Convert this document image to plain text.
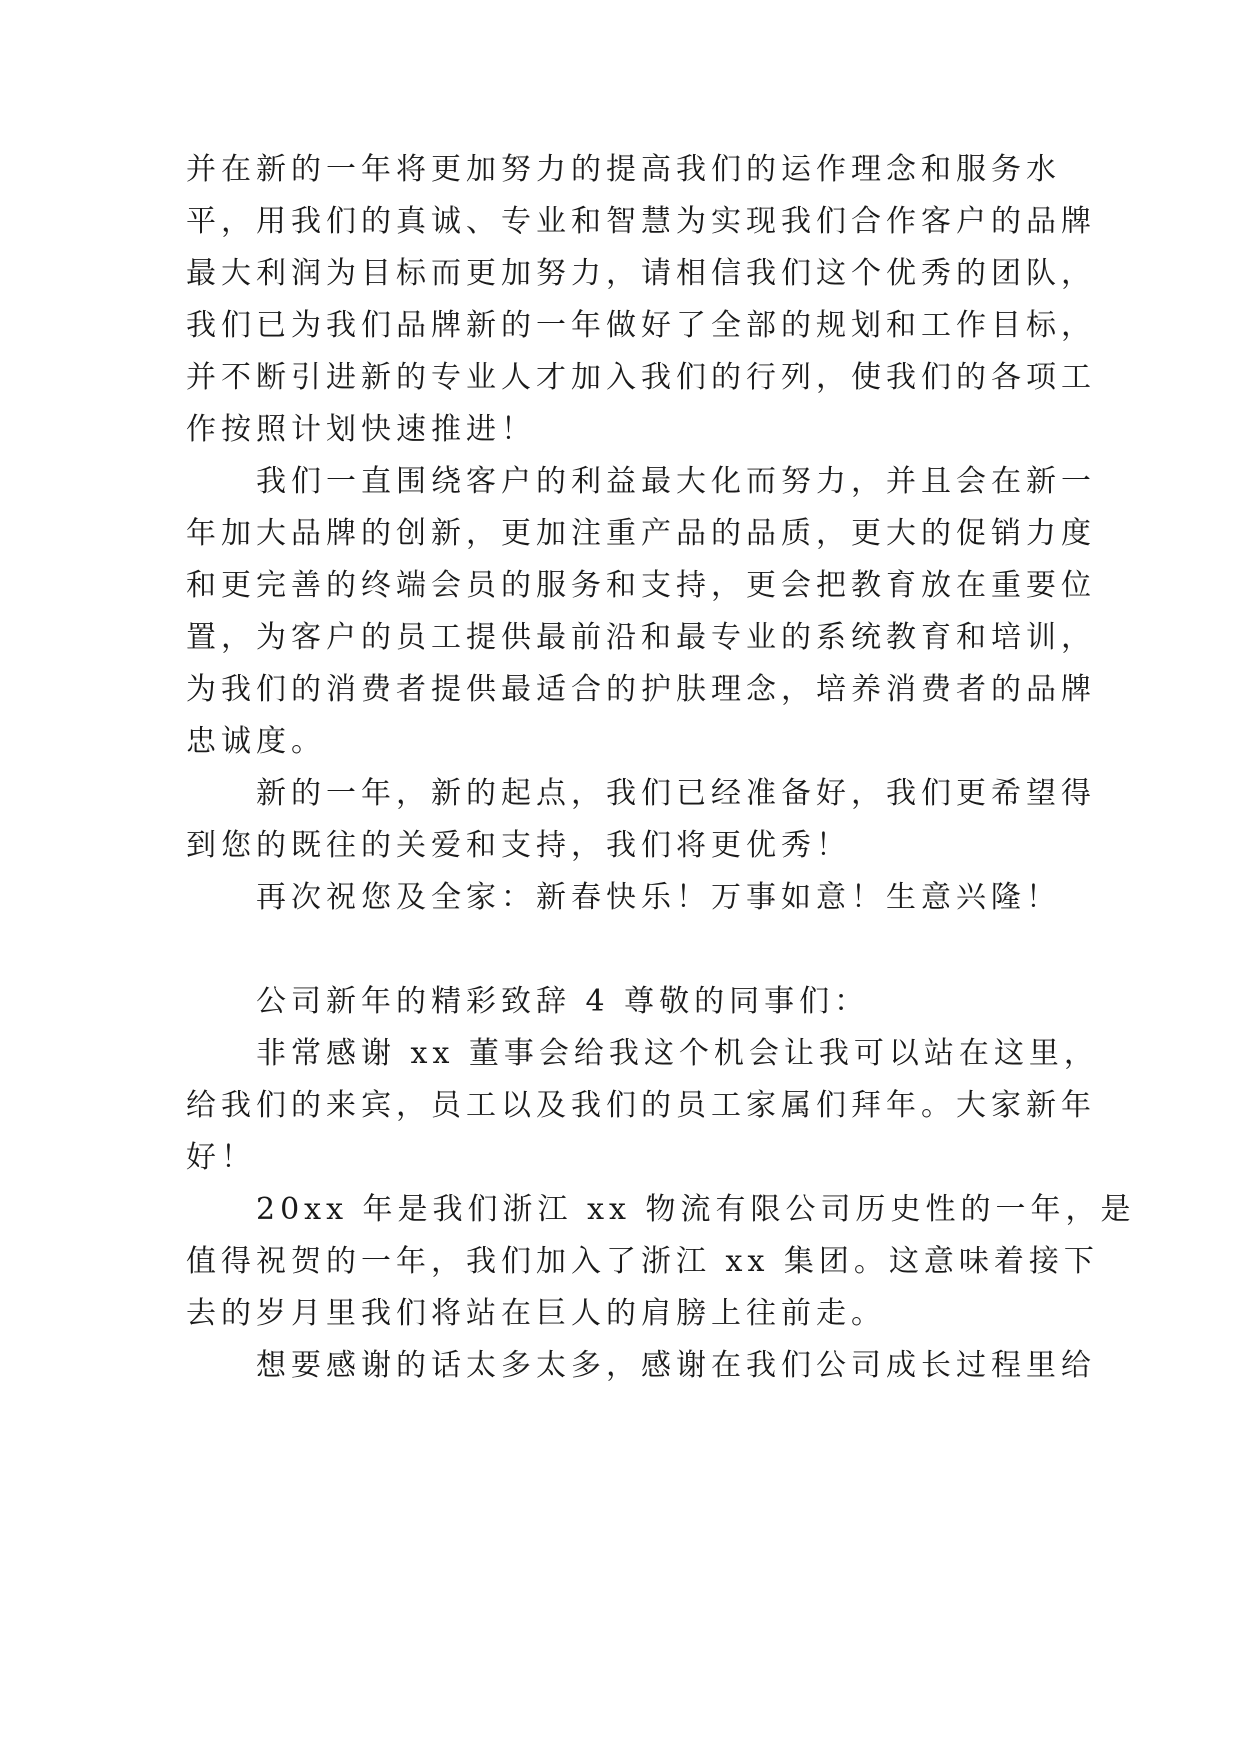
并在新的一年将更加努力的提高我们的运作理念和服务水
平，用我们的真诚、专业和智慧为实现我们合作客户的品牌
最大利润为目标而更加努力，请相信我们这个优秀的团队，
我们已为我们品牌新的一年做好了全部的规划和工作目标，
并不断引进新的专业人才加入我们的行列，使我们的各项工
作按照计划快速推进！
我们一直围绕客户的利益最大化而努力，并且会在新一
年加大品牌的创新，更加注重产品的品质，更大的促销力度
和更完善的终端会员的服务和支持，更会把教育放在重要位
置，为客户的员工提供最前沿和最专业的系统教育和培训，
为我们的消费者提供最适合的护肤理念，培养消费者的品牌
忠诚度。
新的一年，新的起点，我们已经准备好，我们更希望得
到您的既往的关爱和支持，我们将更优秀！
再次祝您及全家：新春快乐！万事如意！生意兴隆！
公司新年的精彩致辞 4 尊敬的同事们：
非常感谢 xx 董事会给我这个机会让我可以站在这里，
给我们的来宾，员工以及我们的员工家属们拜年。大家新年
好！
20xx 年是我们浙江 xx 物流有限公司历史性的一年，是
值得祝贺的一年，我们加入了浙江 xx 集团。这意味着接下
去的岁月里我们将站在巨人的肩膀上往前走。
想要感谢的话太多太多，感谢在我们公司成长过程里给
